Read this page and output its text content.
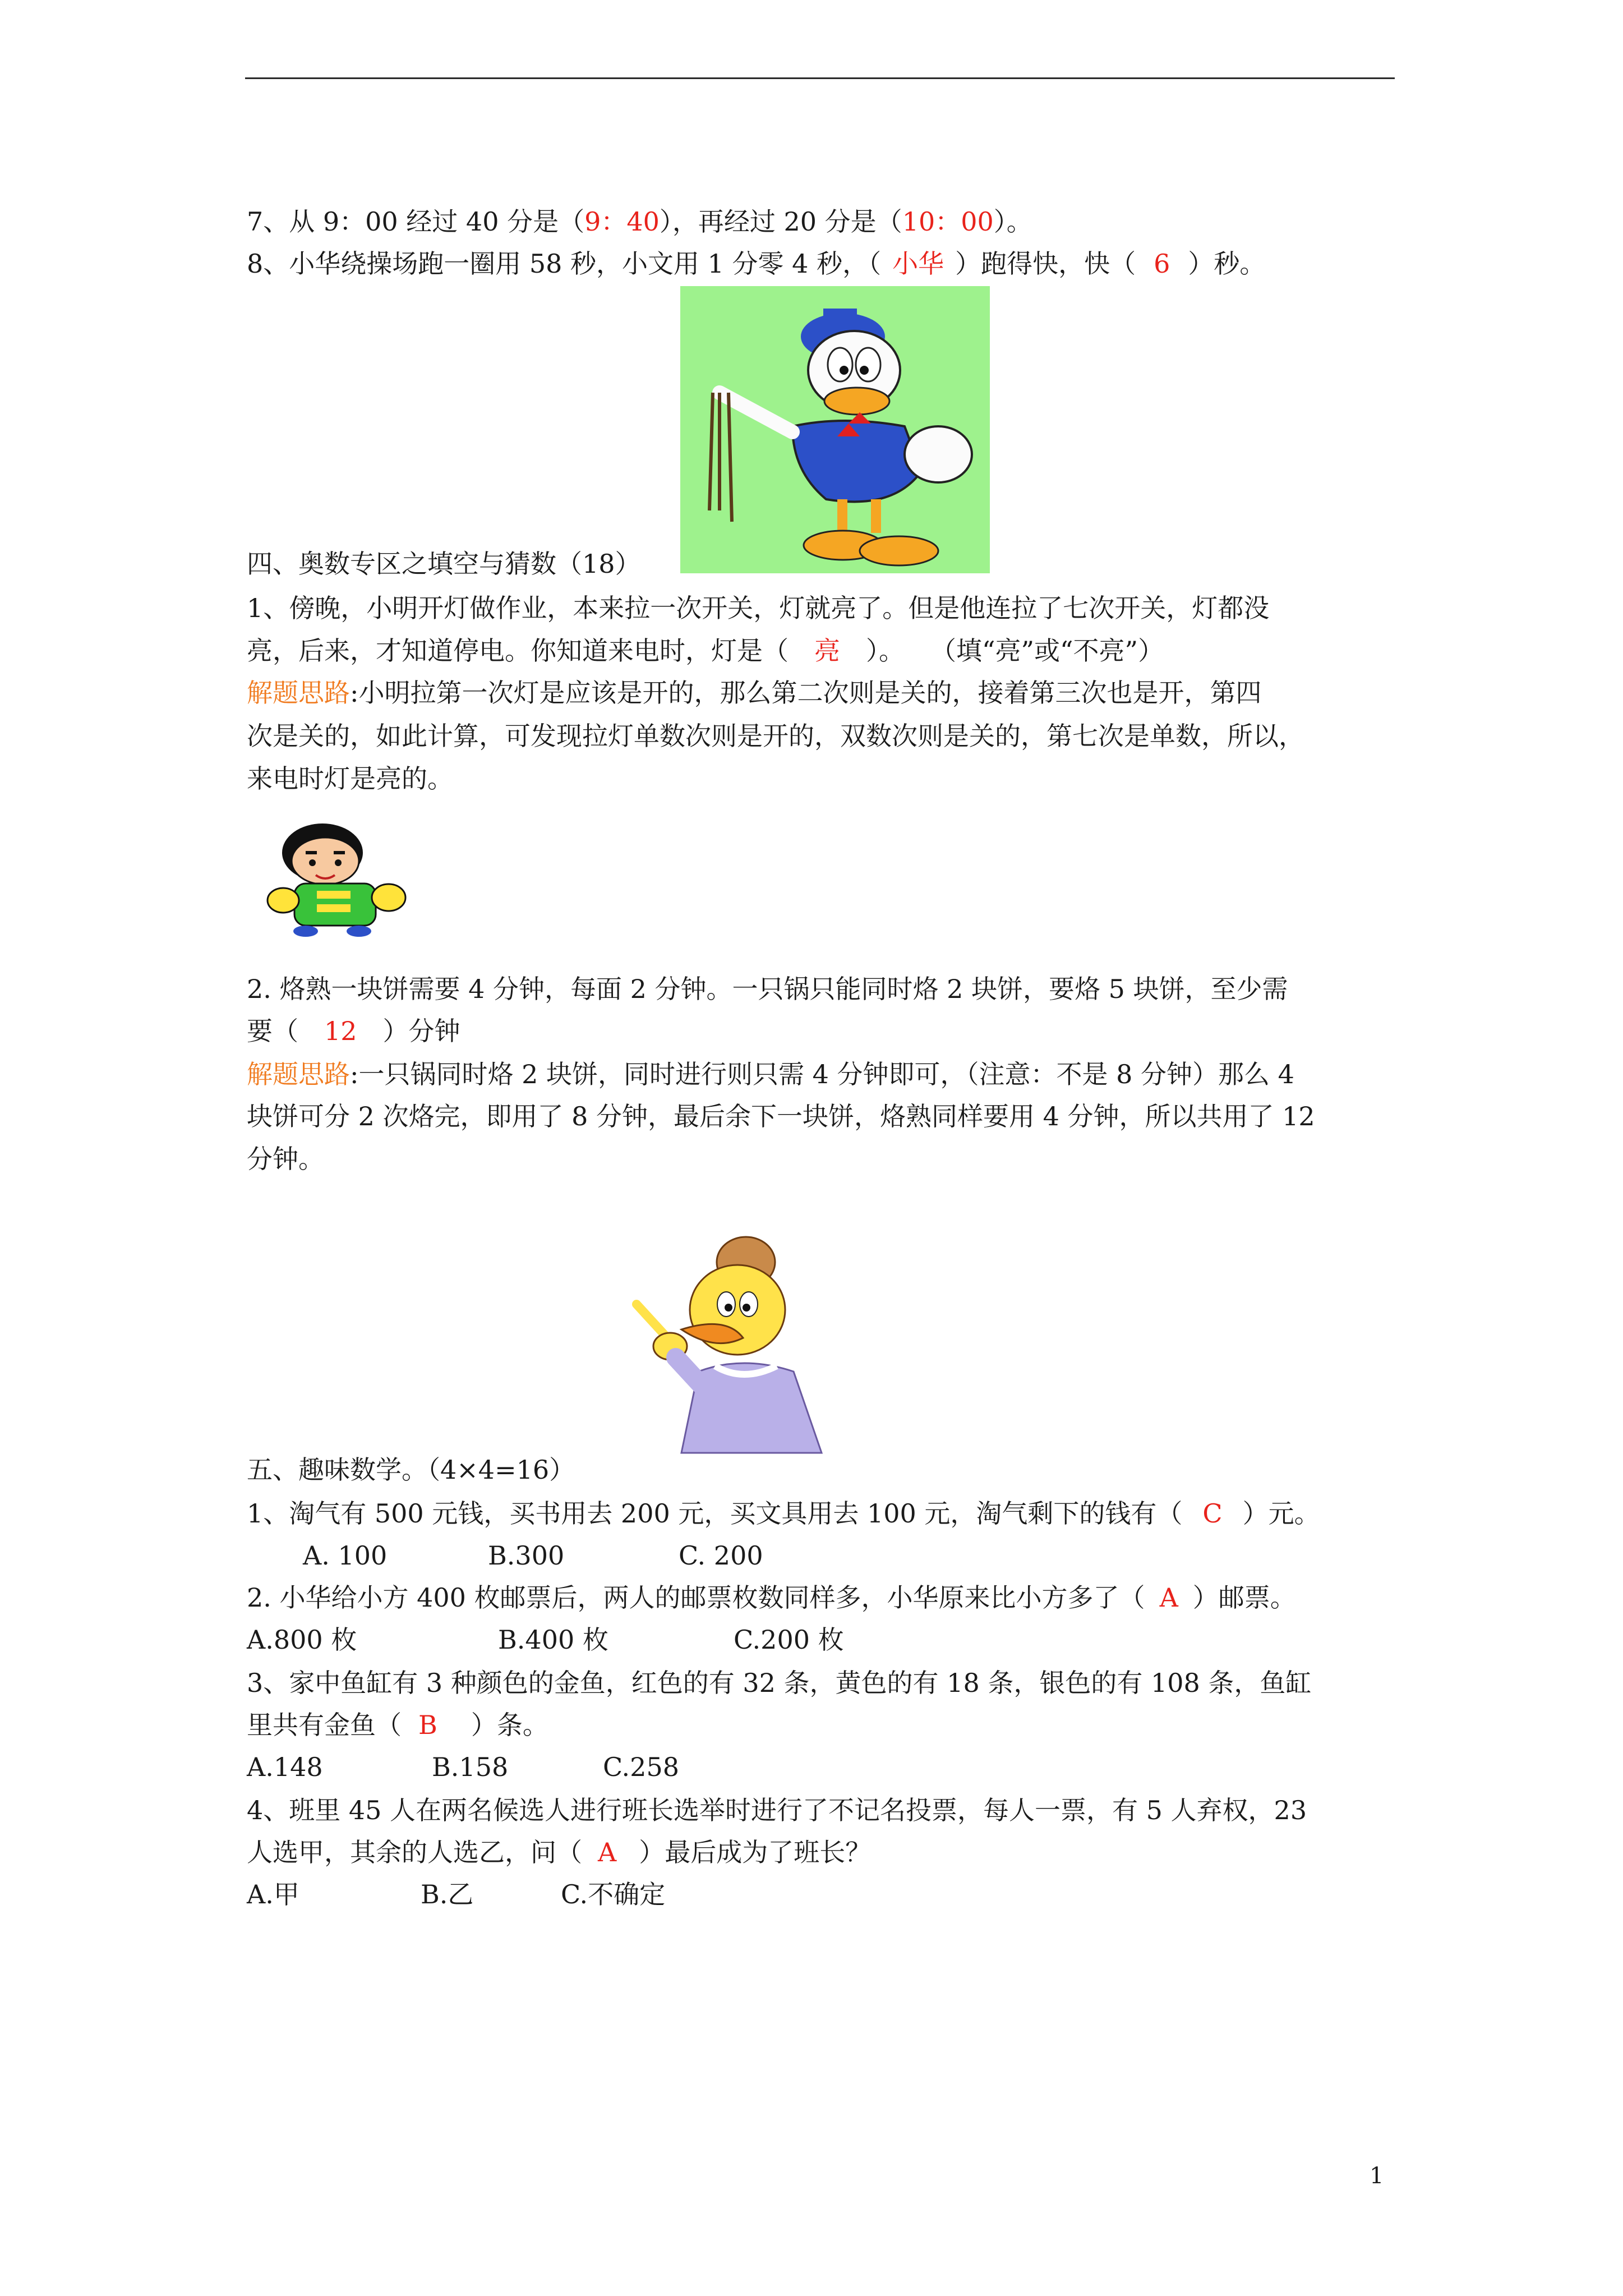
7、从 9：00 经过 40 分是（9：40），再经过 20 分是（10：00）。
8、小华绕操场跑一圈用 58 秒，小文用 1 分零 4 秒，（ 小华 ）跑得快，快（ 6 ）秒。
四、奥数专区之填空与猜数（18）
1、傍晚，小明开灯做作业，本来拉一次开关，灯就亮了。但是他连拉了七次开关，灯都没
亮，后来，才知道停电。你知道来电时，灯是（ 亮 ）。　　（填“亮”或“不亮”）
解题思路:小明拉第一次灯是应该是开的，那么第二次则是关的，接着第三次也是开，第四
次是关的，如此计算，可发现拉灯单数次则是开的，双数次则是关的，第七次是单数，所以，
来电时灯是亮的。
2. 烙熟一块饼需要 4 分钟，每面 2 分钟。一只锅只能同时烙 2 块饼，要烙 5 块饼，至少需
要（ 12 ）分钟
解题思路:一只锅同时烙 2 块饼，同时进行则只需 4 分钟即可，（注意：不是 8 分钟）那么 4
块饼可分 2 次烙完，即用了 8 分钟，最后余下一块饼，烙熟同样要用 4 分钟，所以共用了 12
分钟。
五、趣味数学。（4×4=16）
1、淘气有 500 元钱，买书用去 200 元，买文具用去 100 元，淘气剩下的钱有（ C ）元。
A. 100	B.300	C. 200
2. 小华给小方 400 枚邮票后，两人的邮票枚数同样多，小华原来比小方多了（ A ）邮票。
A.800 枚	B.400 枚	C.200 枚
3、家中鱼缸有 3 种颜色的金鱼，红色的有 32 条，黄色的有 18 条，银色的有 108 条，鱼缸
里共有金鱼（ B ）条。
A.148	B.158	C.258
4、班里 45 人在两名候选人进行班长选举时进行了不记名投票，每人一票，有 5 人弃权，23
人选甲，其余的人选乙，问（ A ）最后成为了班长？
A.甲	B.乙	C.不确定
1
